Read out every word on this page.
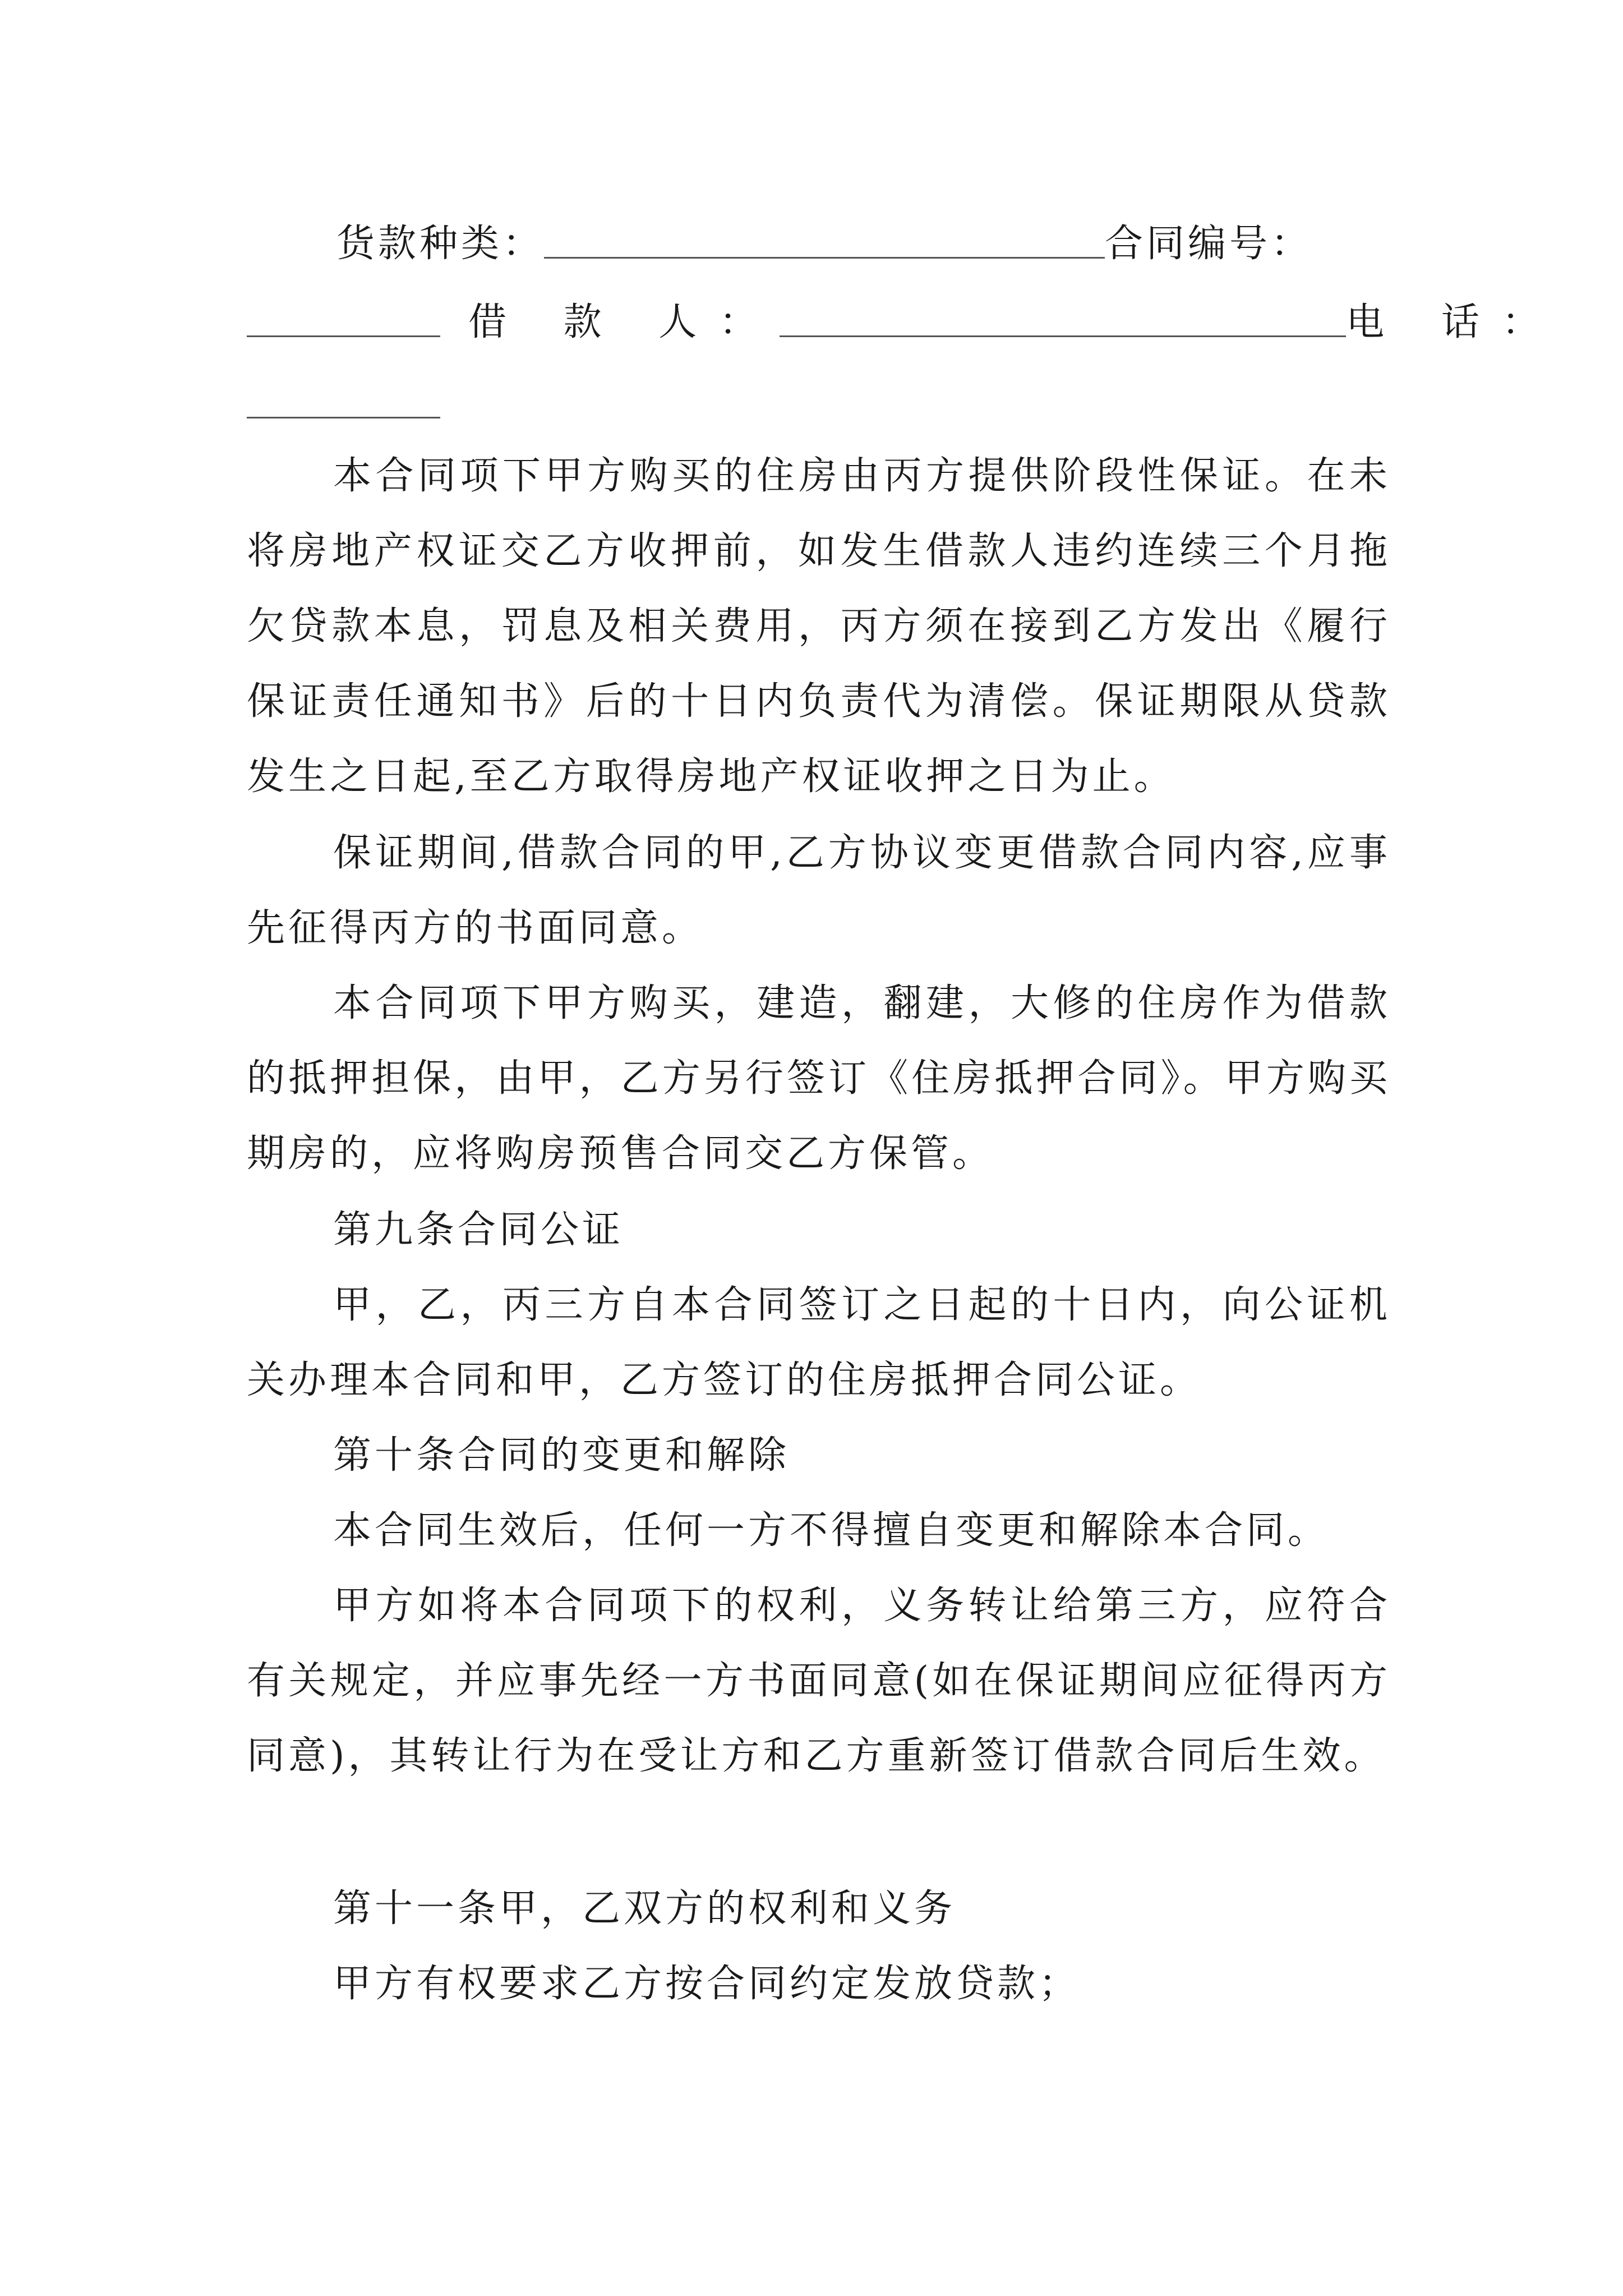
货款种类：	合同编号：
借 款 人：	电 话：

本合同项下甲方购买的住房由丙方提供阶段性保证。在未将房地产权证交乙方收押前，如发生借款人违约连续三个月拖欠贷款本息，罚息及相关费用，丙方须在接到乙方发出《履行保证责任通知书》后的十日内负责代为清偿。保证期限从贷款发生之日起,至乙方取得房地产权证收押之日为止。

保证期间,借款合同的甲,乙方协议变更借款合同内容,应事先征得丙方的书面同意。

本合同项下甲方购买，建造，翻建，大修的住房作为借款的抵押担保，由甲，乙方另行签订《住房抵押合同》。甲方购买期房的，应将购房预售合同交乙方保管。

第九条合同公证

甲，乙，丙三方自本合同签订之日起的十日内，向公证机关办理本合同和甲，乙方签订的住房抵押合同公证。

第十条合同的变更和解除

本合同生效后，任何一方不得擅自变更和解除本合同。

甲方如将本合同项下的权利，义务转让给第三方，应符合有关规定，并应事先经一方书面同意(如在保证期间应征得丙方同意)，其转让行为在受让方和乙方重新签订借款合同后生效。

第十一条甲，乙双方的权利和义务

甲方有权要求乙方按合同约定发放贷款；
